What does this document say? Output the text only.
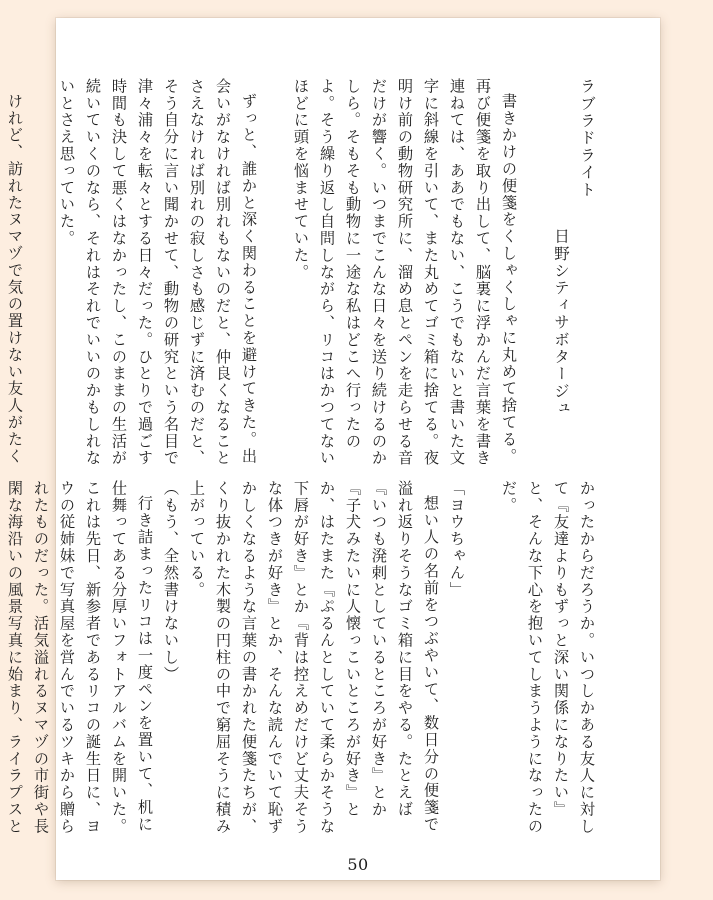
ラブラドライト

日野シティサボタージュ

書きかけの便箋をくしゃくしゃに丸めて捨てる。再び便箋を取り出して、脳裏に浮かんだ言葉を書き連ねては、ああでもない、こうでもないと書いた文字に斜線を引いて、また丸めてゴミ箱に捨てる。夜明け前の動物研究所に、溜め息とペンを走らせる音だけが響く。いつまでこんな日々を送り続けるのかしら。そもそも動物に一途な私はどこへ行ったのよ。そう繰り返し自問しながら、リコはかつてないほどに頭を悩ませていた。

ずっと、誰かと深く関わることを避けてきた。出会いがなければ別れもないのだと、仲良くなることさえなければ別れの寂しさも感じずに済むのだと、そう自分に言い聞かせて、動物の研究という名目で津々浦々を転々とする日々だった。ひとりで過ごす時間も決して悪くはなかったし、このままの生活が続いていくのなら、それはそれでいいのかもしれないとさえ思っていた。

けれど、訪れたヌマヅで気の置けない友人がたく

かったからだろうか。いつしかある友人に対して『友達よりもずっと深い関係になりたい』と、そんな下心を抱いてしまうようになったのだ。

「ヨウちゃん」

想い人の名前をつぶやいて、数日分の便箋で溢れ返りそうなゴミ箱に目をやる。たとえば『いつも溌剌としているところが好き』とか『子犬みたいに人懐っこいところが好き』とか、はたまた『ぷるんとしていて柔らかそうな下唇が好き』とか『背は控えめだけど丈夫そうな体つきが好き』とか、そんな読んでいて恥ずかしくなるような言葉の書かれた便箋たちが、くり抜かれた木製の円柱の中で窮屈そうに積み上がっている。

（もう、全然書けないし）

行き詰まったリコは一度ペンを置いて、机に仕舞ってある分厚いフォトアルバムを開いた。これは先日、新参者であるリコの誕生日に、ヨウの従姉妹で写真屋を営んでいるツキから贈られたものだった。活気溢れるヌマヅの市街や長閑な海沿いの風景写真に始まり、ライラプスと

50
